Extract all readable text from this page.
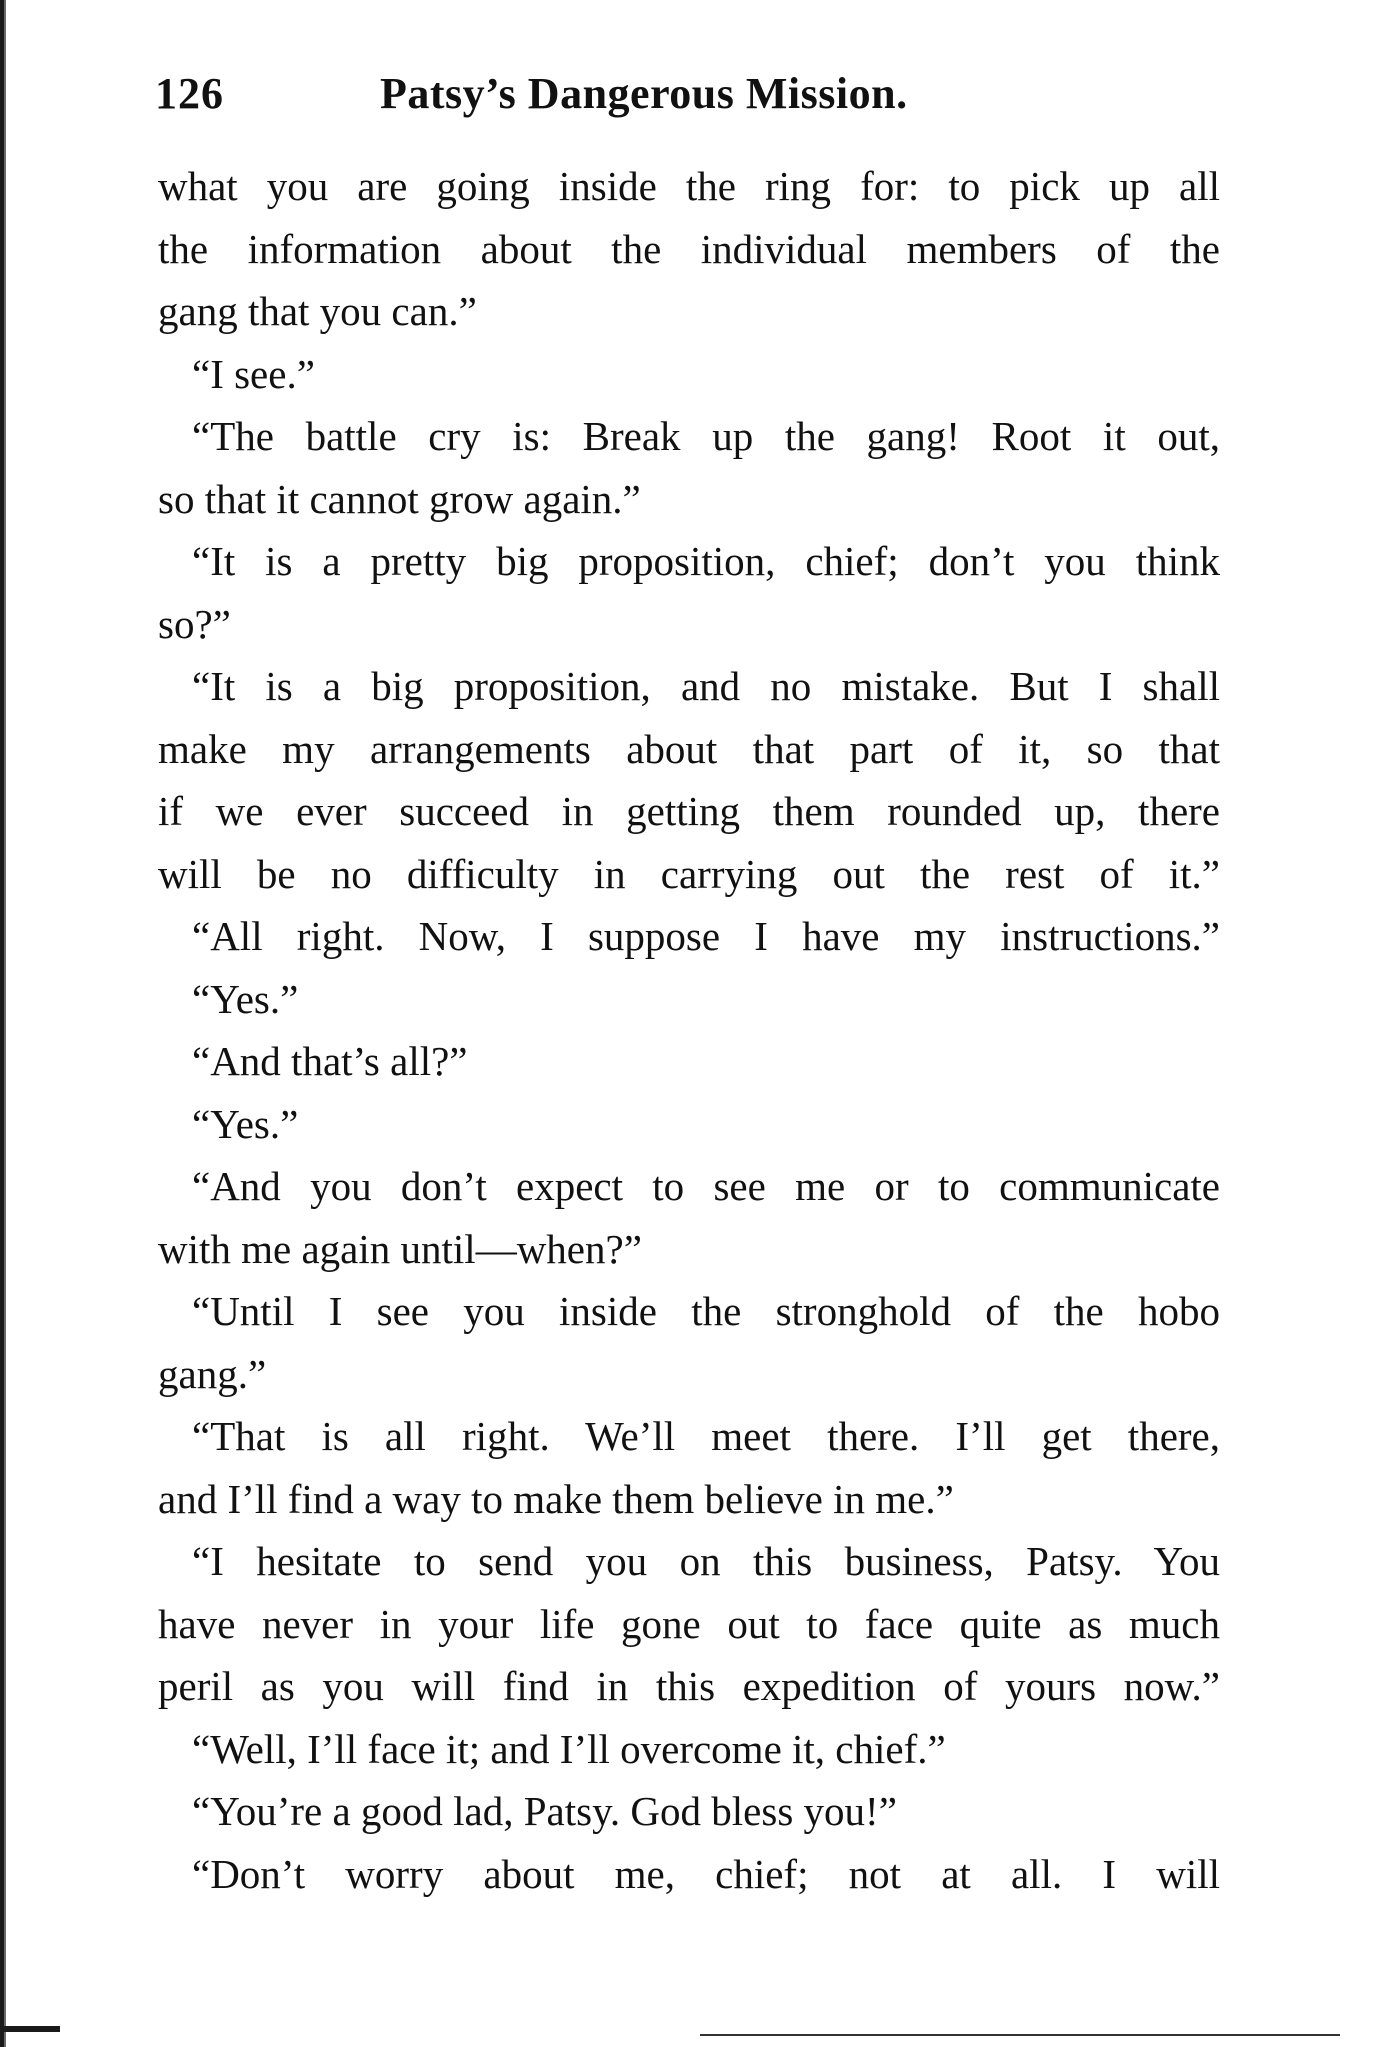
126	Patsy’s Dangerous Mission.
what you are going inside the ring for: to pick up all
the information about the individual members of the
gang that you can.”
“I see.”
“The battle cry is: Break up the gang! Root it out,
so that it cannot grow again.”
“It is a pretty big proposition, chief; don’t you think
so?”
“It is a big proposition, and no mistake. But I shall
make my arrangements about that part of it, so that
if we ever succeed in getting them rounded up, there
will be no difficulty in carrying out the rest of it.”
“All right. Now, I suppose I have my instructions.”
“Yes.”
“And that’s all?”
“Yes.”
“And you don’t expect to see me or to communicate
with me again until—when?”
“Until I see you inside the stronghold of the hobo
gang.”
“That is all right. We’ll meet there. I’ll get there,
and I’ll find a way to make them believe in me.”
“I hesitate to send you on this business, Patsy. You
have never in your life gone out to face quite as much
peril as you will find in this expedition of yours now.”
“Well, I’ll face it; and I’ll overcome it, chief.”
“You’re a good lad, Patsy. God bless you!”
“Don’t worry about me, chief; not at all. I will
